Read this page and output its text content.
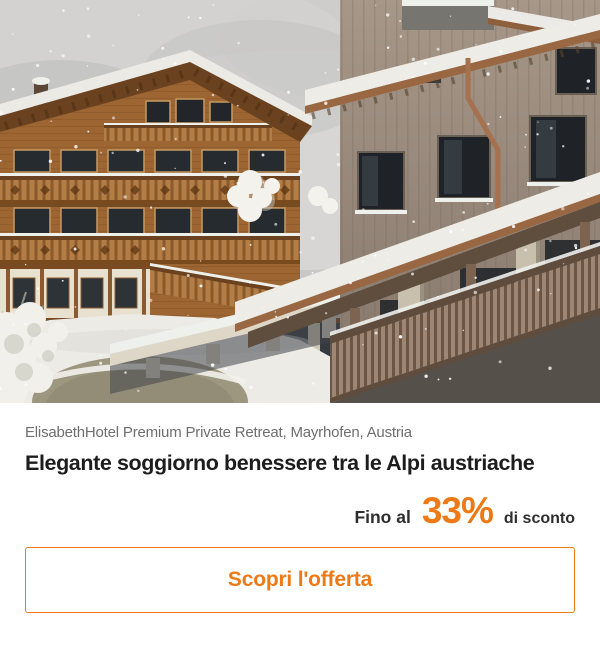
ElisabethHotel Premium Private Retreat, Mayrhofen, Austria

Elegante soggiorno benessere tra le Alpi austriache
Fino al 33% di sconto
Scopri l'offerta
